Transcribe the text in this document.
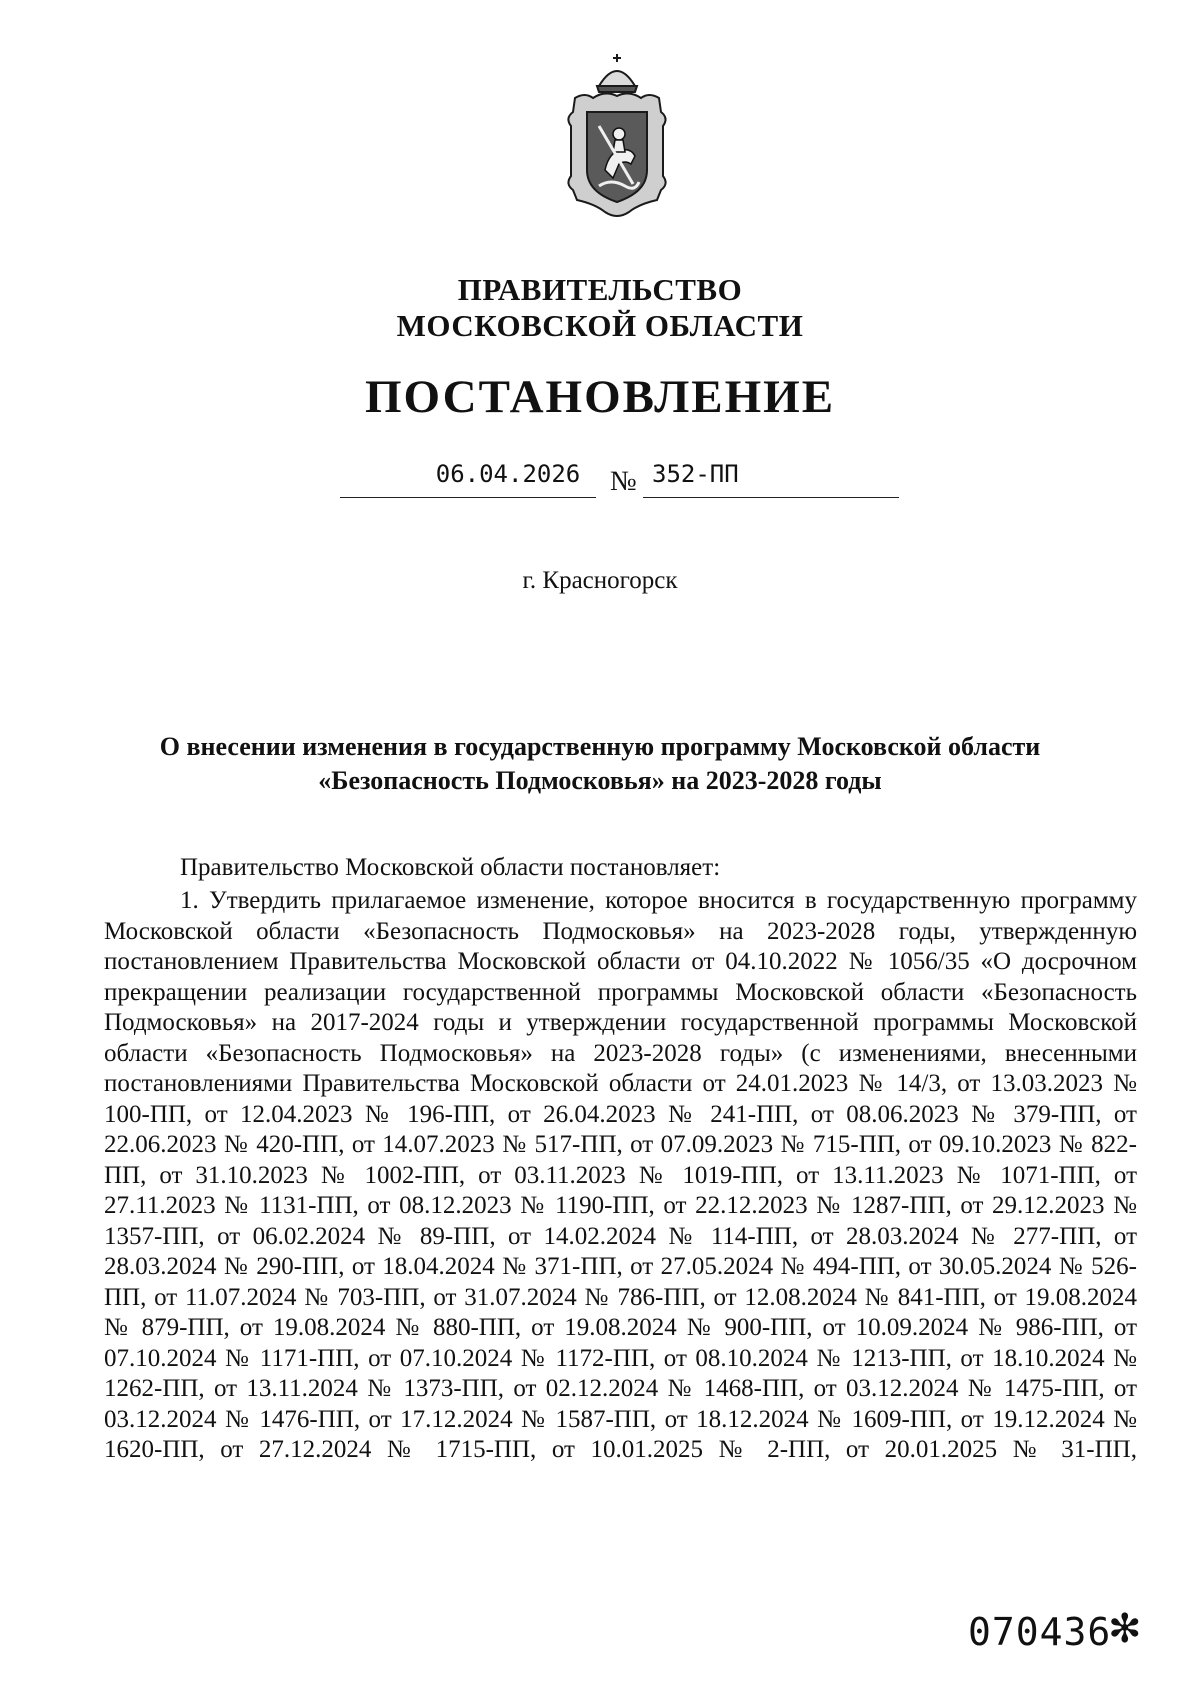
ПРАВИТЕЛЬСТВО
МОСКОВСКОЙ ОБЛАСТИ
ПОСТАНОВЛЕНИЕ
06.04.2026	№ 352-ПП
г. Красногорск
О внесении изменения в государственную программу Московской области
«Безопасность Подмосковья» на 2023-2028 годы
Правительство Московской области постановляет:
1. Утвердить прилагаемое изменение, которое вносится в государственную программу Московской области «Безопасность Подмосковья» на 2023-2028 годы, утвержденную постановлением Правительства Московской области от 04.10.2022 № 1056/35 «О досрочном прекращении реализации государственной программы Московской области «Безопасность Подмосковья» на 2017-2024 годы и утверждении государственной программы Московской области «Безопасность Подмосковья» на 2023-2028 годы» (с изменениями, внесенными постановлениями Правительства Московской области от 24.01.2023 № 14/3, от 13.03.2023 № 100-ПП, от 12.04.2023 № 196-ПП, от 26.04.2023 № 241-ПП, от 08.06.2023 № 379-ПП, от 22.06.2023 № 420-ПП, от 14.07.2023 № 517-ПП, от 07.09.2023 № 715-ПП, от 09.10.2023 № 822-ПП, от 31.10.2023 № 1002-ПП, от 03.11.2023 № 1019-ПП, от 13.11.2023 № 1071-ПП, от 27.11.2023 № 1131-ПП, от 08.12.2023 № 1190-ПП, от 22.12.2023 № 1287-ПП, от 29.12.2023 № 1357-ПП, от 06.02.2024 № 89-ПП, от 14.02.2024 № 114-ПП, от 28.03.2024 № 277-ПП, от 28.03.2024 № 290-ПП, от 18.04.2024 № 371-ПП, от 27.05.2024 № 494-ПП, от 30.05.2024 № 526-ПП, от 11.07.2024 № 703-ПП, от 31.07.2024 № 786-ПП, от 12.08.2024 № 841-ПП, от 19.08.2024 № 879-ПП, от 19.08.2024 № 880-ПП, от 19.08.2024 № 900-ПП, от 10.09.2024 № 986-ПП, от 07.10.2024 № 1171-ПП, от 07.10.2024 № 1172-ПП, от 08.10.2024 № 1213-ПП, от 18.10.2024 № 1262-ПП, от 13.11.2024 № 1373-ПП, от 02.12.2024 № 1468-ПП, от 03.12.2024 № 1475-ПП, от 03.12.2024 № 1476-ПП, от 17.12.2024 № 1587-ПП, от 18.12.2024 № 1609-ПП, от 19.12.2024 № 1620-ПП, от 27.12.2024 № 1715-ПП, от 10.01.2025 № 2-ПП, от 20.01.2025 № 31-ПП,
070436
✻
